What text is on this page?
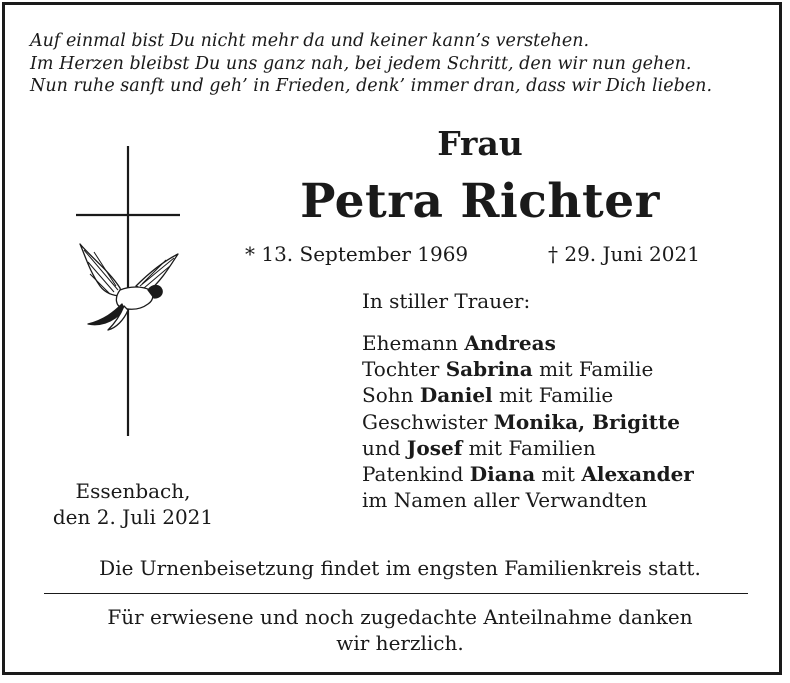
Auf einmal bist Du nicht mehr da und keiner kann’s verstehen.
Im Herzen bleibst Du uns ganz nah, bei jedem Schritt, den wir nun gehen.
Nun ruhe sanft und geh’ in Frieden, denk’ immer dran, dass wir Dich lieben.
Frau
Petra Richter
* 13. September 1969	† 29. Juni 2021
In stiller Trauer:
Ehemann Andreas
Tochter Sabrina mit Familie
Sohn Daniel mit Familie
Geschwister Monika, Brigitte
und Josef mit Familien
Patenkind Diana mit Alexander
im Namen aller Verwandten
Essenbach,
den 2. Juli 2021
Die Urnenbeisetzung findet im engsten Familienkreis statt.
Für erwiesene und noch zugedachte Anteilnahme danken
wir herzlich.
